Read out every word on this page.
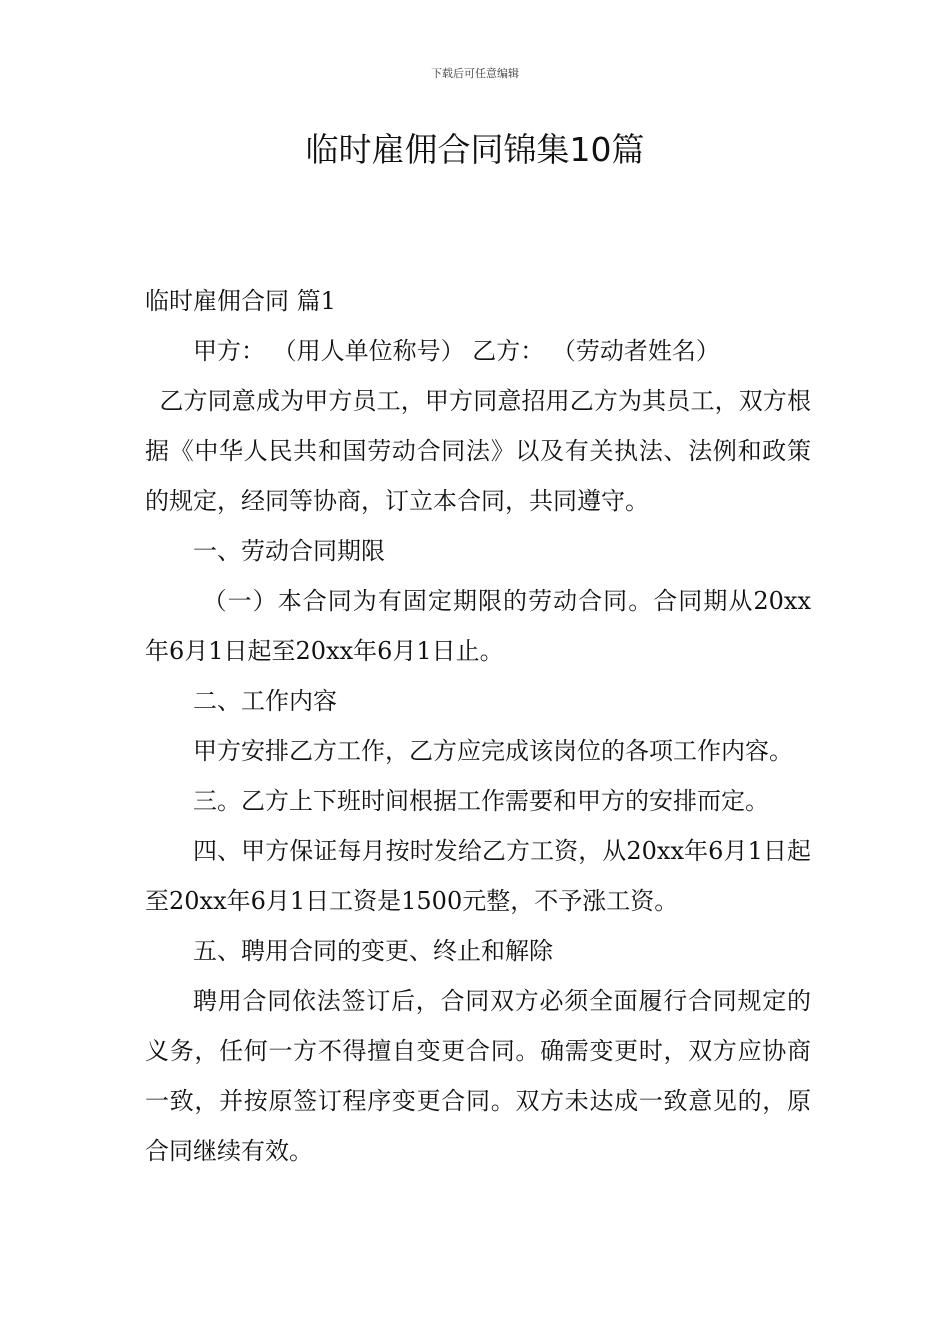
下载后可任意编辑
临时雇佣合同锦集10篇

临时雇佣合同 篇1

甲方： （用人单位称号） 乙方： （劳动者姓名）

乙方同意成为甲方员工，甲方同意招用乙方为其员工，双方根据《中华人民共和国劳动合同法》以及有关执法、法例和政策的规定，经同等协商，订立本合同，共同遵守。

一、劳动合同期限

（一）本合同为有固定期限的劳动合同。合同期从20xx年6月1日起至20xx年6月1日止。

二、工作内容

甲方安排乙方工作，乙方应完成该岗位的各项工作内容。

三。乙方上下班时间根据工作需要和甲方的安排而定。

四、甲方保证每月按时发给乙方工资，从20xx年6月1日起至20xx年6月1日工资是1500元整，不予涨工资。

五、聘用合同的变更、终止和解除

聘用合同依法签订后，合同双方必须全面履行合同规定的义务，任何一方不得擅自变更合同。确需变更时，双方应协商一致，并按原签订程序变更合同。双方未达成一致意见的，原合同继续有效。
